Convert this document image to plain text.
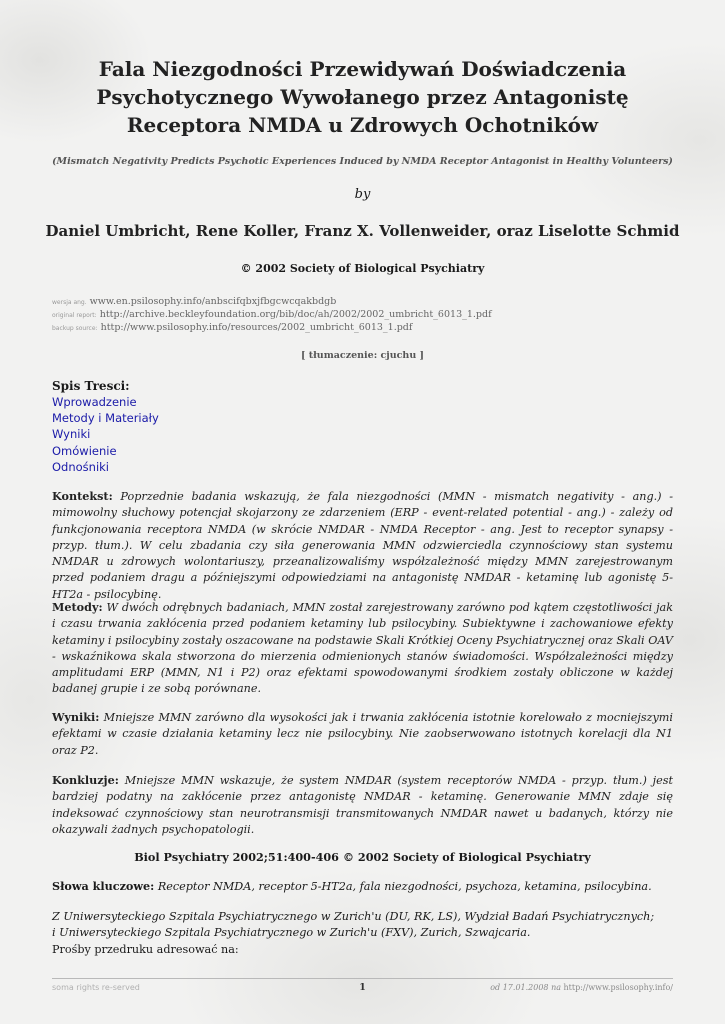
Fala Niezgodności Przewidywań Doświadczenia Psychotycznego Wywołanego przez Antagonistę Receptora NMDA u Zdrowych Ochotników
(Mismatch Negativity Predicts Psychotic Experiences Induced by NMDA Receptor Antagonist in Healthy Volunteers)
by
Daniel Umbricht, Rene Koller, Franz X. Vollenweider, oraz Liselotte Schmid
© 2002 Society of Biological Psychiatry
wersja ang. www.en.psilosophy.info/anbscifqbxjfbgcwcqakbdgb
original report: http://archive.beckleyfoundation.org/bib/doc/ah/2002/2002_umbricht_6013_1.pdf
backup source: http://www.psilosophy.info/resources/2002_umbricht_6013_1.pdf
[ tłumaczenie: cjuchu ]
Spis Tresci:
Wprowadzenie
Metody i Materiały
Wyniki
Omówienie
Odnośniki

Kontekst: Poprzednie badania wskazują, że fala niezgodności (MMN - mismatch negativity - ang.) - mimowolny słuchowy potencjał skojarzony ze zdarzeniem (ERP - event-related potential - ang.) - zależy od funkcjonowania receptora NMDA (w skrócie NMDAR - NMDA Receptor - ang. Jest to receptor synapsy - przyp. tłum.). W celu zbadania czy siła generowania MMN odzwierciedla czynnościowy stan systemu NMDAR u zdrowych wolontariuszy, przeanalizowaliśmy współzależność między MMN zarejestrowanym przed podaniem dragu a późniejszymi odpowiedziami na antagonistę NMDAR - ketaminę lub agonistę 5-HT2a - psilocybinę.

Metody: W dwóch odrębnych badaniach, MMN został zarejestrowany zarówno pod kątem częstotliwości jak i czasu trwania zakłócenia przed podaniem ketaminy lub psilocybiny. Subiektywne i zachowaniowe efekty ketaminy i psilocybiny zostały oszacowane na podstawie Skali Krótkiej Oceny Psychiatrycznej oraz Skali OAV - wskaźnikowa skala stworzona do mierzenia odmienionych stanów świadomości. Współzależności między amplitudami ERP (MMN, N1 i P2) oraz efektami spowodowanymi środkiem zostały obliczone w każdej badanej grupie i ze sobą porównane.

Wyniki: Mniejsze MMN zarówno dla wysokości jak i trwania zakłócenia istotnie korelowało z mocniejszymi efektami w czasie działania ketaminy lecz nie psilocybiny. Nie zaobserwowano istotnych korelacji dla N1 oraz P2.

Konkluzje: Mniejsze MMN wskazuje, że system NMDAR (system receptorów NMDA - przyp. tłum.) jest bardziej podatny na zakłócenie przez antagonistę NMDAR - ketaminę. Generowanie MMN zdaje się indeksować czynnościowy stan neurotransmisji transmitowanych NMDAR nawet u badanych, którzy nie okazywali żadnych psychopatologii.

Biol Psychiatry 2002;51:400-406 © 2002 Society of Biological Psychiatry
Słowa kluczowe: Receptor NMDA, receptor 5-HT2a, fala niezgodności, psychoza, ketamina, psilocybina.
Z Uniwersyteckiego Szpitala Psychiatrycznego w Zurich'u (DU, RK, LS), Wydział Badań Psychiatrycznych;
i Uniwersyteckiego Szpitala Psychiatrycznego w Zurich'u (FXV), Zurich, Szwajcaria.
Prośby przedruku adresować na:
soma rights re-served	1	od 17.01.2008 na http://www.psilosophy.info/
